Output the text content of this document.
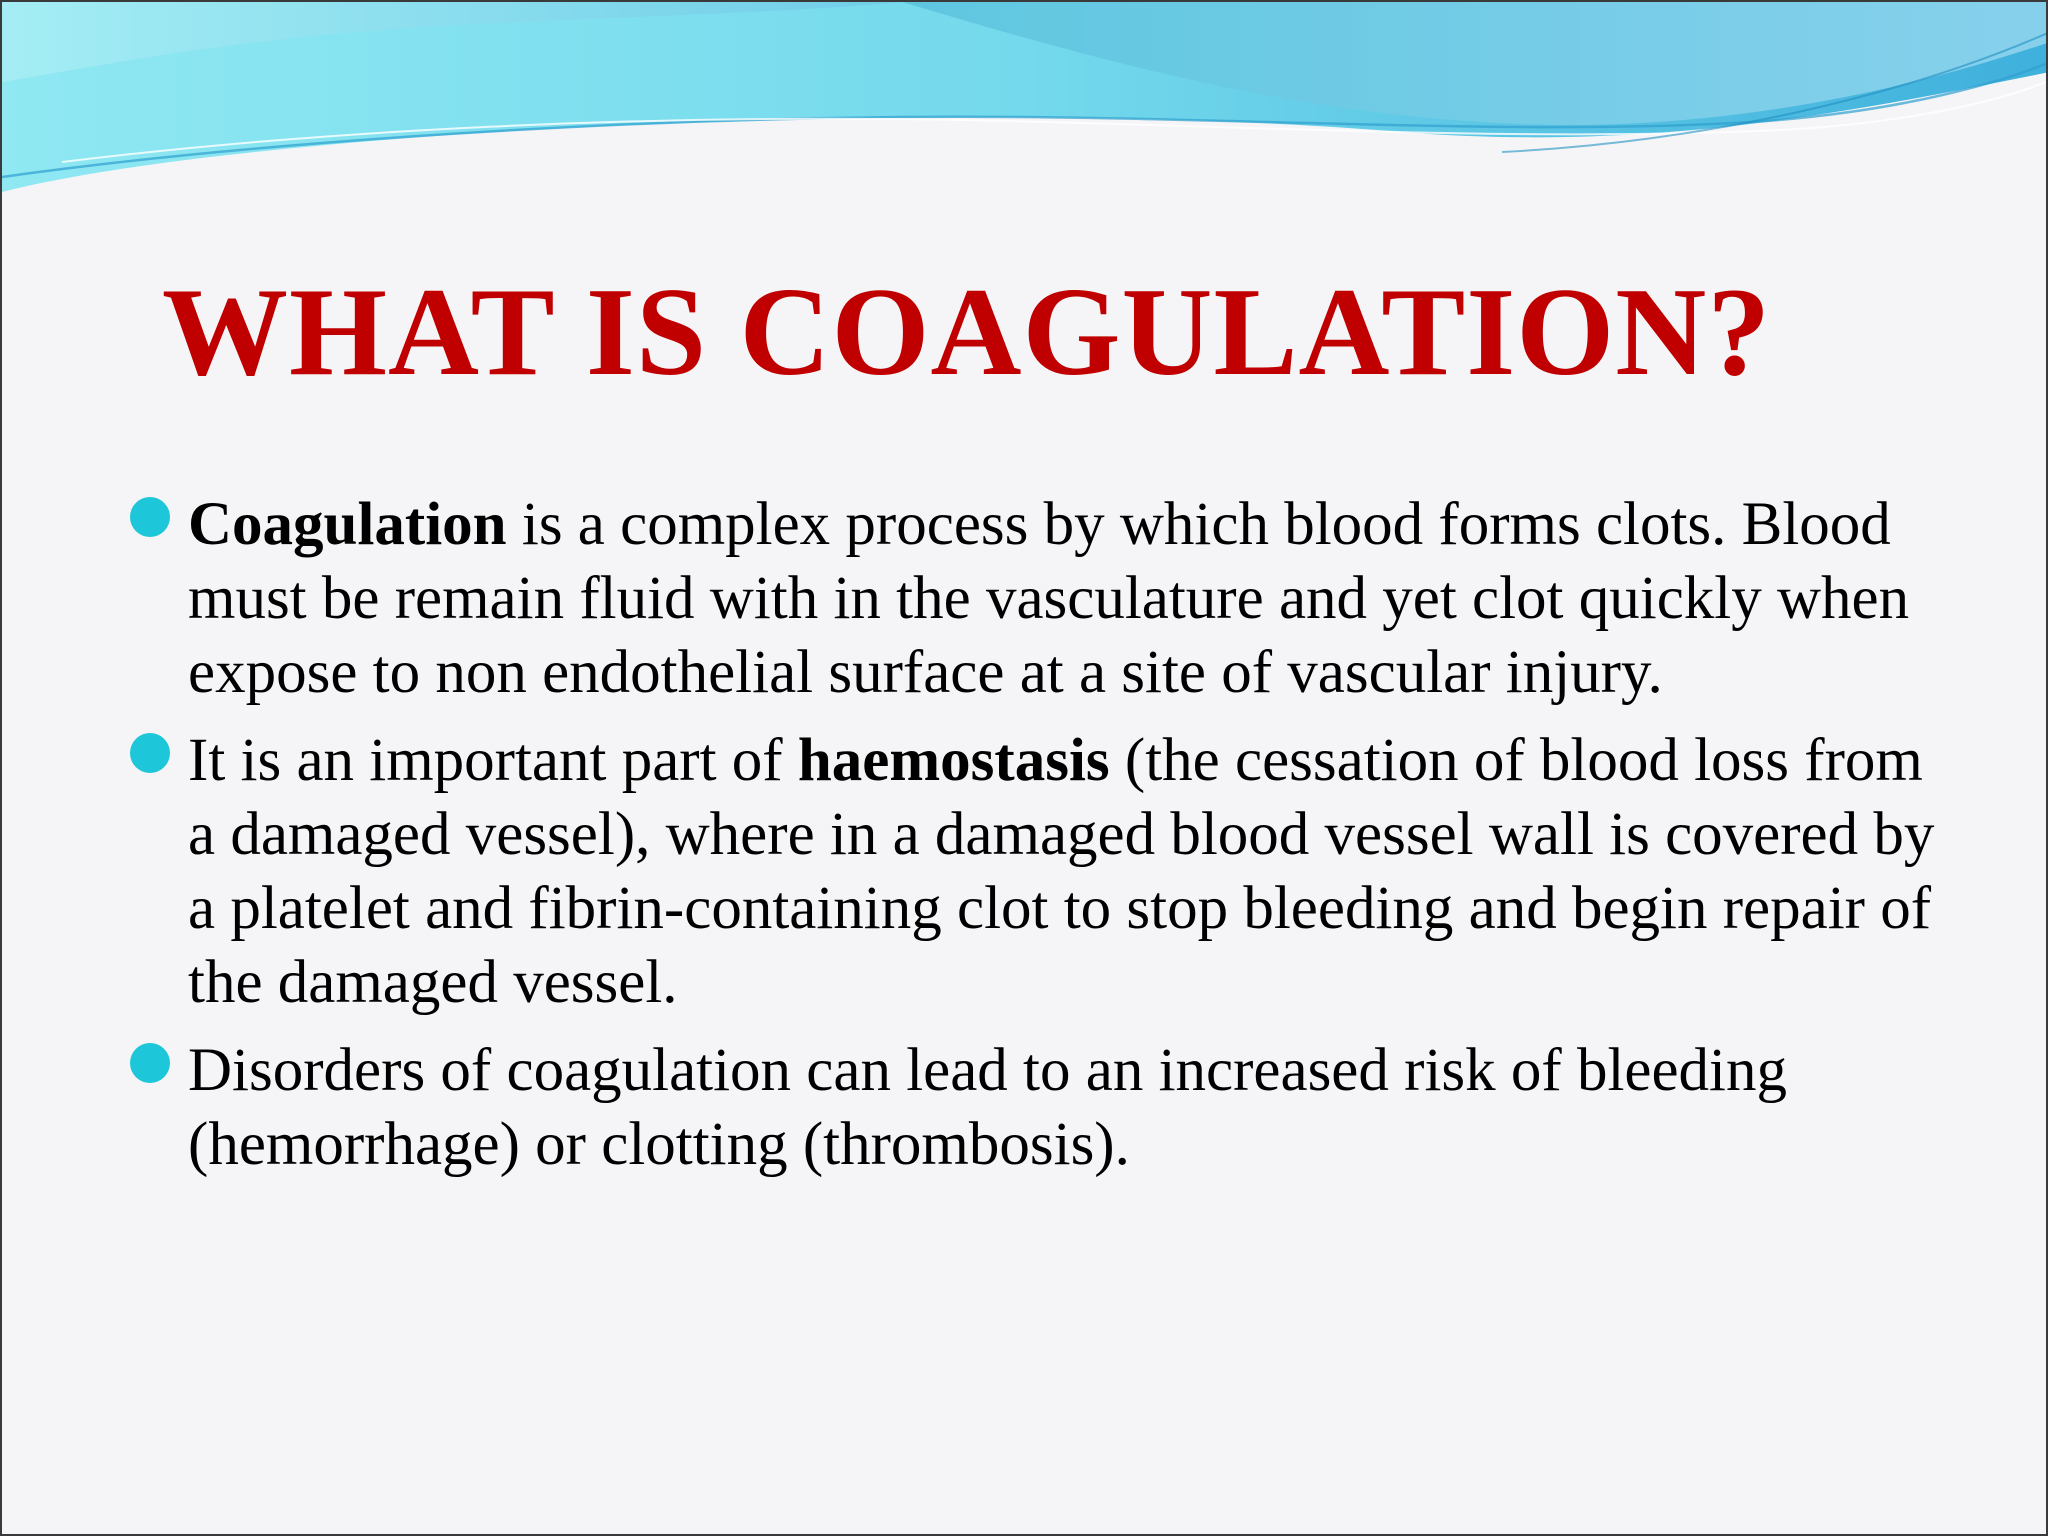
WHAT IS COAGULATION?
Coagulation is a complex process by which blood forms clots. Blood must be remain fluid with in the vasculature and yet clot quickly when expose to non endothelial surface at a site of vascular injury.
It is an important part of haemostasis (the cessation of blood loss from a damaged vessel), where in a damaged blood vessel wall is covered by a platelet and fibrin-containing clot to stop bleeding and begin repair of the damaged vessel.
Disorders of coagulation can lead to an increased risk of bleeding (hemorrhage) or clotting (thrombosis).
